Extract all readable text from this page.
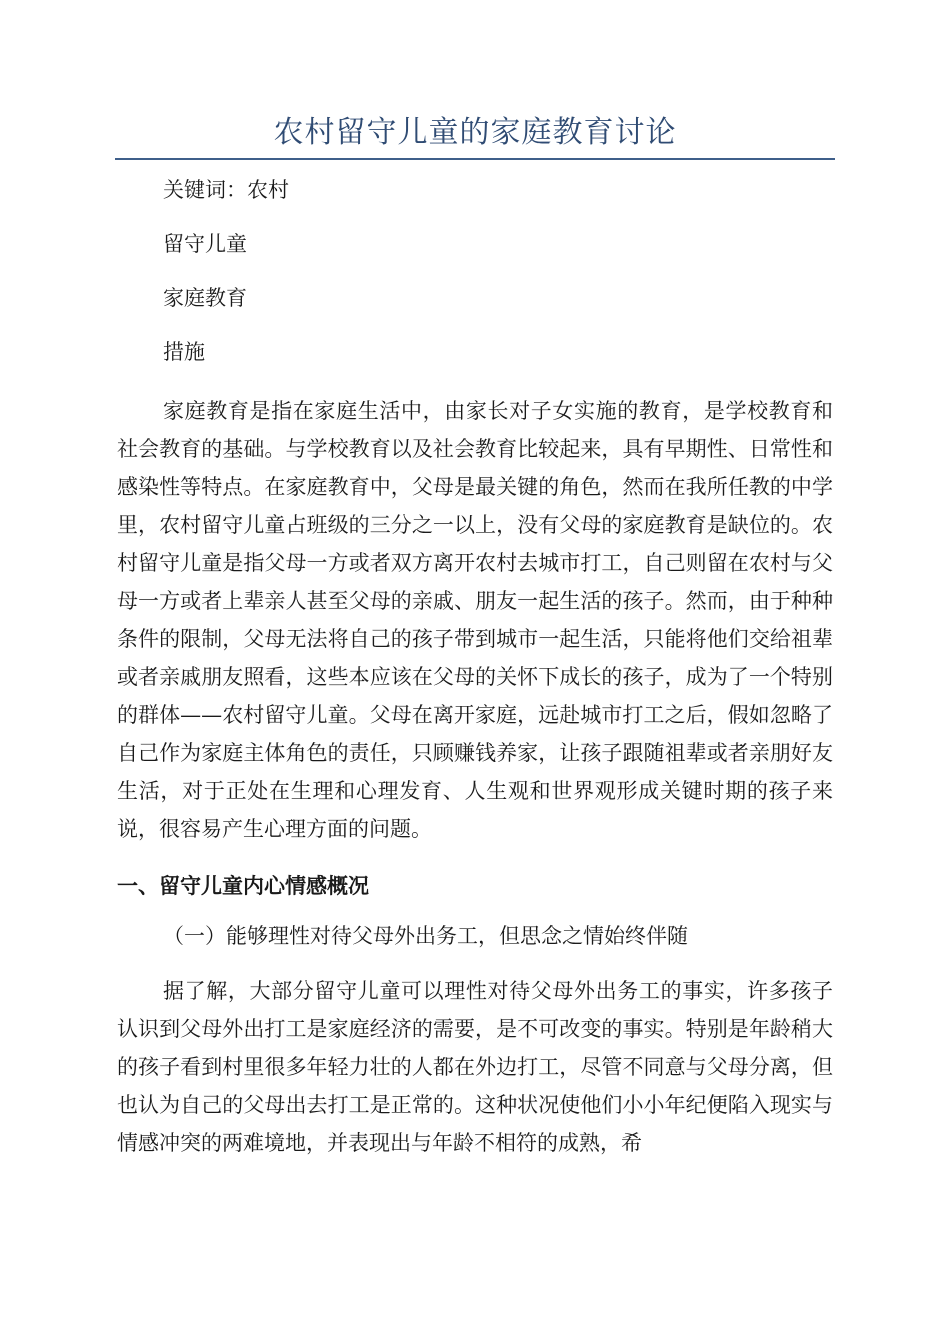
农村留守儿童的家庭教育讨论
关键词：农村
留守儿童
家庭教育
措施

家庭教育是指在家庭生活中，由家长对子女实施的教育，是学校教育和社会教育的基础。与学校教育以及社会教育比较起来，具有早期性、日常性和感染性等特点。在家庭教育中，父母是最关键的角色，然而在我所任教的中学里，农村留守儿童占班级的三分之一以上，没有父母的家庭教育是缺位的。农村留守儿童是指父母一方或者双方离开农村去城市打工，自己则留在农村与父母一方或者上辈亲人甚至父母的亲戚、朋友一起生活的孩子。然而，由于种种条件的限制，父母无法将自己的孩子带到城市一起生活，只能将他们交给祖辈或者亲戚朋友照看，这些本应该在父母的关怀下成长的孩子，成为了一个特别的群体——农村留守儿童。父母在离开家庭，远赴城市打工之后，假如忽略了自己作为家庭主体角色的责任，只顾赚钱养家，让孩子跟随祖辈或者亲朋好友生活，对于正处在生理和心理发育、人生观和世界观形成关键时期的孩子来说，很容易产生心理方面的问题。

一、留守儿童内心情感概况
（一）能够理性对待父母外出务工，但思念之情始终伴随

据了解，大部分留守儿童可以理性对待父母外出务工的事实，许多孩子认识到父母外出打工是家庭经济的需要，是不可改变的事实。特别是年龄稍大的孩子看到村里很多年轻力壮的人都在外边打工，尽管不同意与父母分离，但也认为自己的父母出去打工是正常的。这种状况使他们小小年纪便陷入现实与情感冲突的两难境地，并表现出与年龄不相符的成熟，希
